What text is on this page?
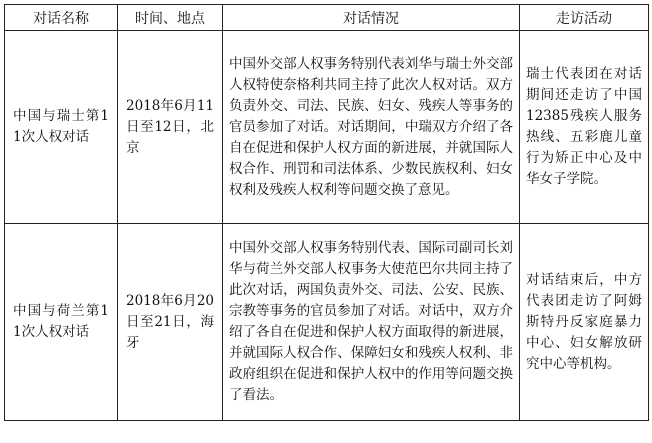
对话名称	时间、地点	对话情况	走访活动
中国与瑞士第11次人权对话	2018年6月11日至12日，北京	中国外交部人权事务特别代表刘华与瑞士外交部人权特使奈格利共同主持了此次人权对话。双方负责外交、司法、民族、妇女、残疾人等事务的官员参加了对话。对话期间，中瑞双方介绍了各自在促进和保护人权方面的新进展，并就国际人权合作、刑罚和司法体系、少数民族权利、妇女权利及残疾人权利等问题交换了意见。	瑞士代表团在对话期间还走访了中国12385残疾人服务热线、五彩鹿儿童行为矫正中心及中华女子学院。
中国与荷兰第11次人权对话	2018年6月20日至21日，海牙	中国外交部人权事务特别代表、国际司副司长刘华与荷兰外交部人权事务大使范巴尔共同主持了此次对话，两国负责外交、司法、公安、民族、宗教等事务的官员参加了对话。对话中，双方介绍了各自在促进和保护人权方面取得的新进展，并就国际人权合作、保障妇女和残疾人权利、非政府组织在促进和保护人权中的作用等问题交换了看法。	对话结束后，中方代表团走访了阿姆斯特丹反家庭暴力中心、妇女解放研究中心等机构。
